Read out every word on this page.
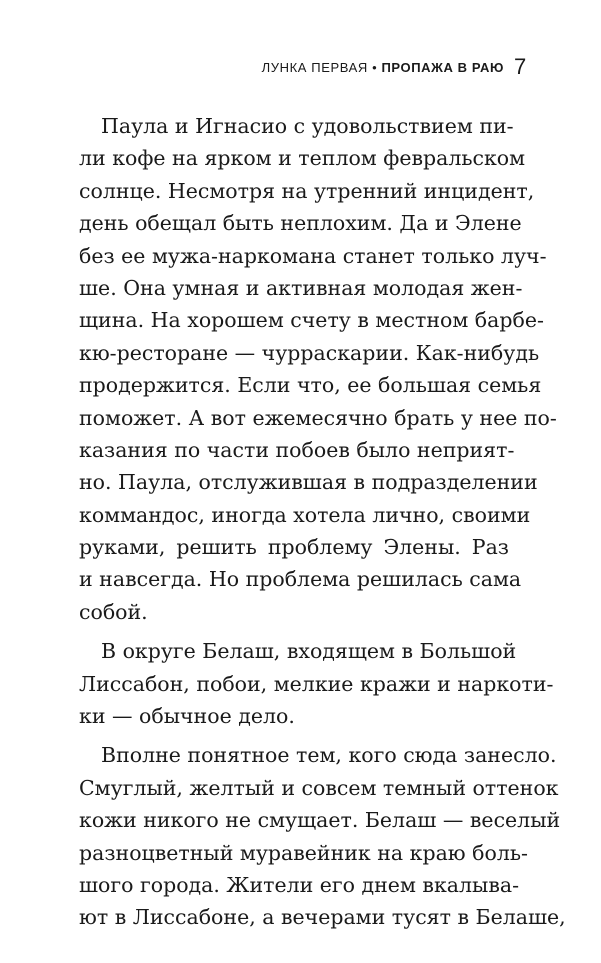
ЛУНКА ПЕРВАЯ • ПРОПАЖА В РАЮ 7
Паула и Игнасио с удовольствием пи-
ли кофе на ярком и теплом февральском
солнце. Несмотря на утренний инцидент,
день обещал быть неплохим. Да и Элене
без ее мужа-наркомана станет только луч-
ше. Она умная и активная молодая жен-
щина. На хорошем счету в местном барбе-
кю-ресторане — чурраскарии. Как-нибудь
продержится. Если что, ее большая семья
поможет. А вот ежемесячно брать у нее по-
казания по части побоев было неприят-
но. Паула, отслужившая в подразделении
коммандос, иногда хотела лично, своими
руками, решить проблему Элены. Раз
и навсегда. Но проблема решилась сама
собой.
В округе Белаш, входящем в Большой
Лиссабон, побои, мелкие кражи и наркоти-
ки — обычное дело.
Вполне понятное тем, кого сюда занесло.
Смуглый, желтый и совсем темный оттенок
кожи никого не смущает. Белаш — веселый
разноцветный муравейник на краю боль-
шого города. Жители его днем вкалыва-
ют в Лиссабоне, а вечерами тусят в Белаше,
